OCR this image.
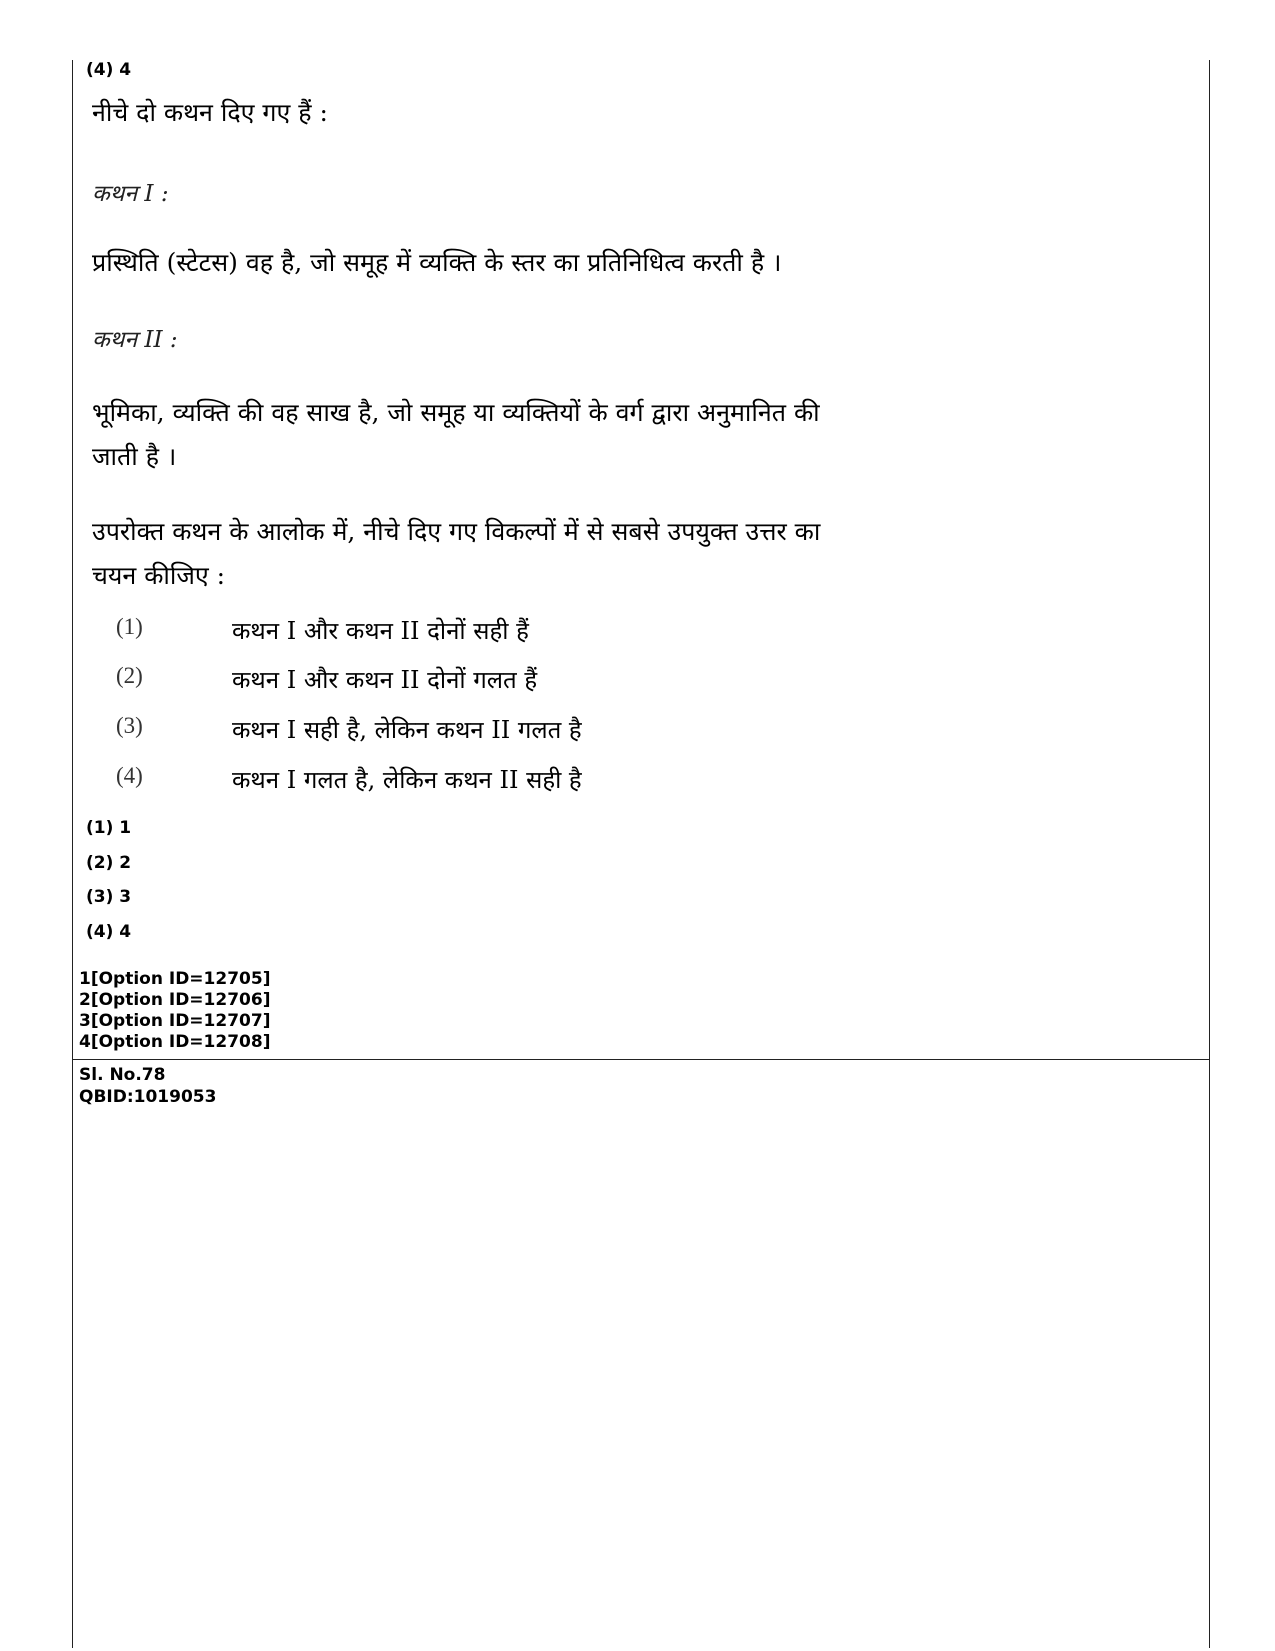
(4) 4
नीचे दो कथन दिए गए हैं :
कथन I :
प्रस्थिति (स्टेटस) वह है, जो समूह में व्यक्ति के स्तर का प्रतिनिधित्व करती है ।
कथन II :
भूमिका, व्यक्ति की वह साख है, जो समूह या व्यक्तियों के वर्ग द्वारा अनुमानित की
जाती है ।
उपरोक्त कथन के आलोक में, नीचे दिए गए विकल्पों में से सबसे उपयुक्त उत्तर का
चयन कीजिए :
(1)	कथन I और कथन II दोनों सही हैं
(2)	कथन I और कथन II दोनों गलत हैं
(3)	कथन I सही है, लेकिन कथन II गलत है
(4)	कथन I गलत है, लेकिन कथन II सही है
(1) 1
(2) 2
(3) 3
(4) 4
1[Option ID=12705]
2[Option ID=12706]
3[Option ID=12707]
4[Option ID=12708]
Sl. No.78
QBID:1019053
